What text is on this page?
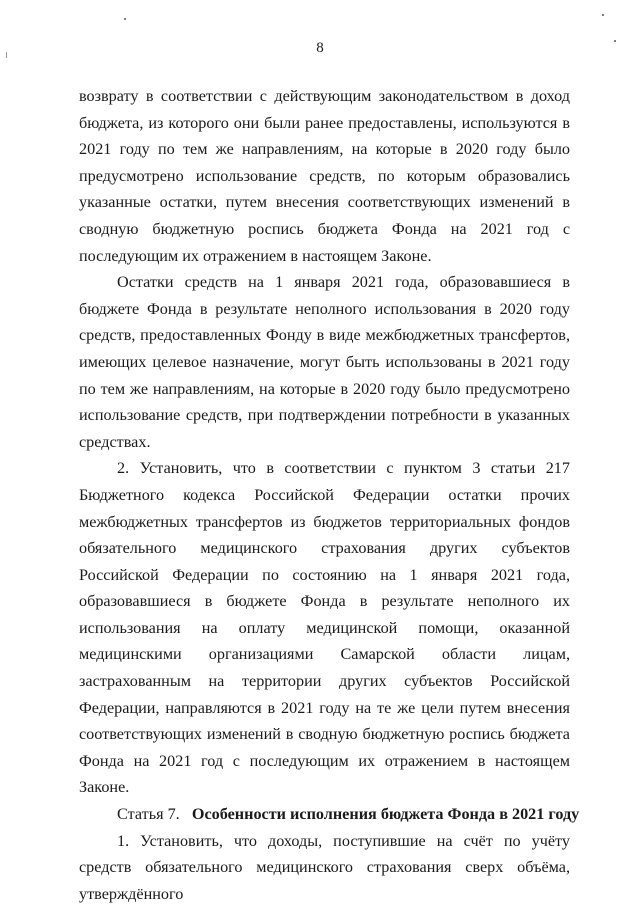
8

возврату в соответствии с действующим законодательством в доход бюджета, из которого они были ранее предоставлены, используются в 2021 году по тем же направлениям, на которые в 2020 году было предусмотрено использование средств, по которым образовались указанные остатки, путем внесения соответствующих изменений в сводную бюджетную роспись бюджета Фонда на 2021 год с последующим их отражением в настоящем Законе.

Остатки средств на 1 января 2021 года, образовавшиеся в бюджете Фонда в результате неполного использования в 2020 году средств, предоставленных Фонду в виде межбюджетных трансфертов, имеющих целевое назначение, могут быть использованы в 2021 году по тем же направлениям, на которые в 2020 году было предусмотрено использование средств, при подтверждении потребности в указанных средствах.

2. Установить, что в соответствии с пунктом 3 статьи 217 Бюджетного кодекса Российской Федерации остатки прочих межбюджетных трансфертов из бюджетов территориальных фондов обязательного медицинского страхования других субъектов Российской Федерации по состоянию на 1 января 2021 года, образовавшиеся в бюджете Фонда в результате неполного их использования на оплату медицинской помощи, оказанной медицинскими организациями Самарской области лицам, застрахованным на территории других субъектов Российской Федерации, направляются в 2021 году на те же цели путем внесения соответствующих изменений в сводную бюджетную роспись бюджета Фонда на 2021 год с последующим их отражением в настоящем Законе.

Статья 7. Особенности исполнения бюджета Фонда в 2021 году

1. Установить, что доходы, поступившие на счёт по учёту средств обязательного медицинского страхования сверх объёма, утверждённого
